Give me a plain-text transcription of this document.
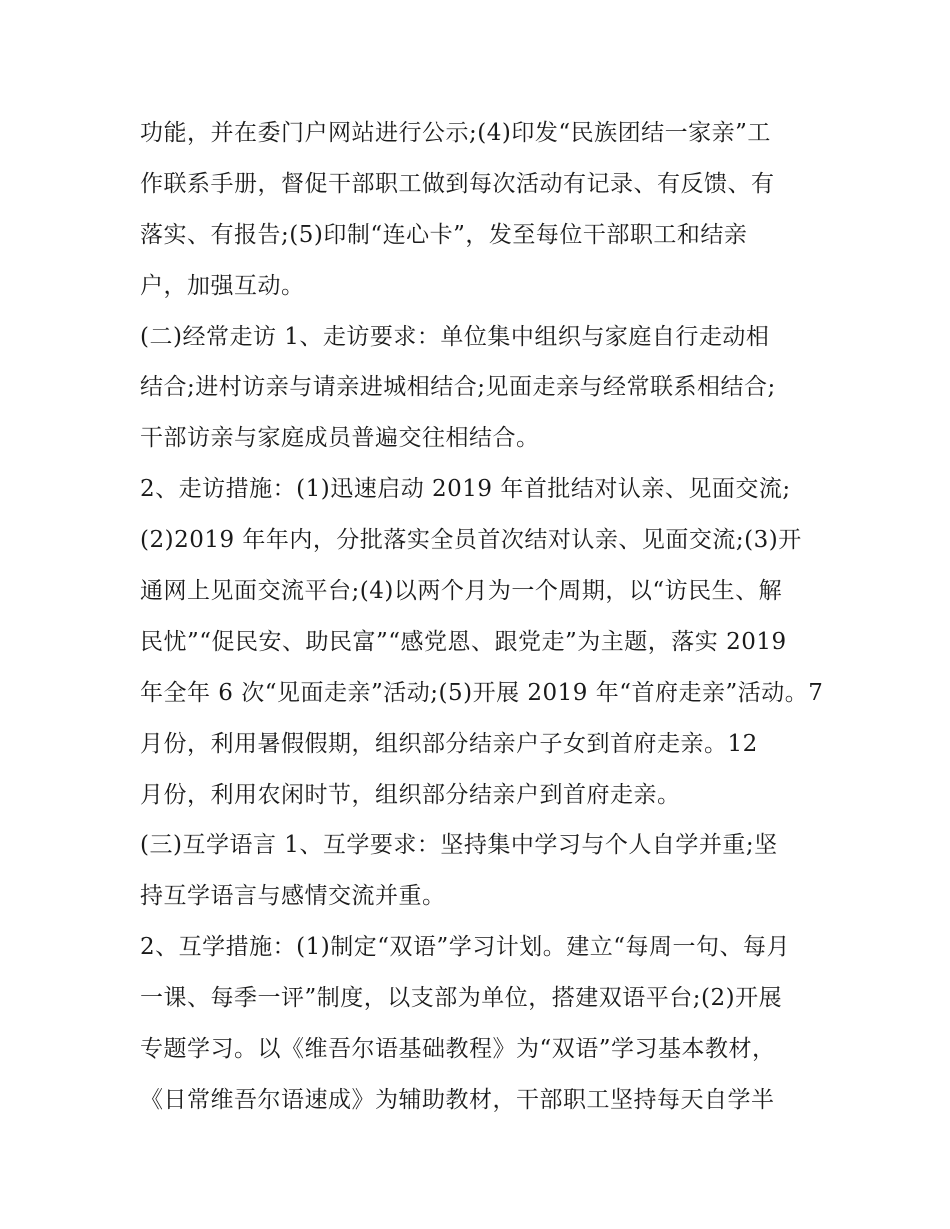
功能，并在委门户网站进行公示;(4)印发“民族团结一家亲”工
作联系手册，督促干部职工做到每次活动有记录、有反馈、有
落实、有报告;(5)印制“连心卡”，发至每位干部职工和结亲
户，加强互动。
(二)经常走访 1、走访要求：单位集中组织与家庭自行走动相
结合;进村访亲与请亲进城相结合;见面走亲与经常联系相结合;
干部访亲与家庭成员普遍交往相结合。
2、走访措施：(1)迅速启动 2019 年首批结对认亲、见面交流;
(2)2019 年年内，分批落实全员首次结对认亲、见面交流;(3)开
通网上见面交流平台;(4)以两个月为一个周期，以“访民生、解
民忧”“促民安、助民富”“感党恩、跟党走”为主题，落实 2019
年全年 6 次“见面走亲”活动;(5)开展 2019 年“首府走亲”活动。7
月份，利用暑假假期，组织部分结亲户子女到首府走亲。12
月份，利用农闲时节，组织部分结亲户到首府走亲。
(三)互学语言 1、互学要求：坚持集中学习与个人自学并重;坚
持互学语言与感情交流并重。
2、互学措施：(1)制定“双语”学习计划。建立“每周一句、每月
一课、每季一评”制度，以支部为单位，搭建双语平台;(2)开展
专题学习。以《维吾尔语基础教程》为“双语”学习基本教材，
《日常维吾尔语速成》为辅助教材，干部职工坚持每天自学半
